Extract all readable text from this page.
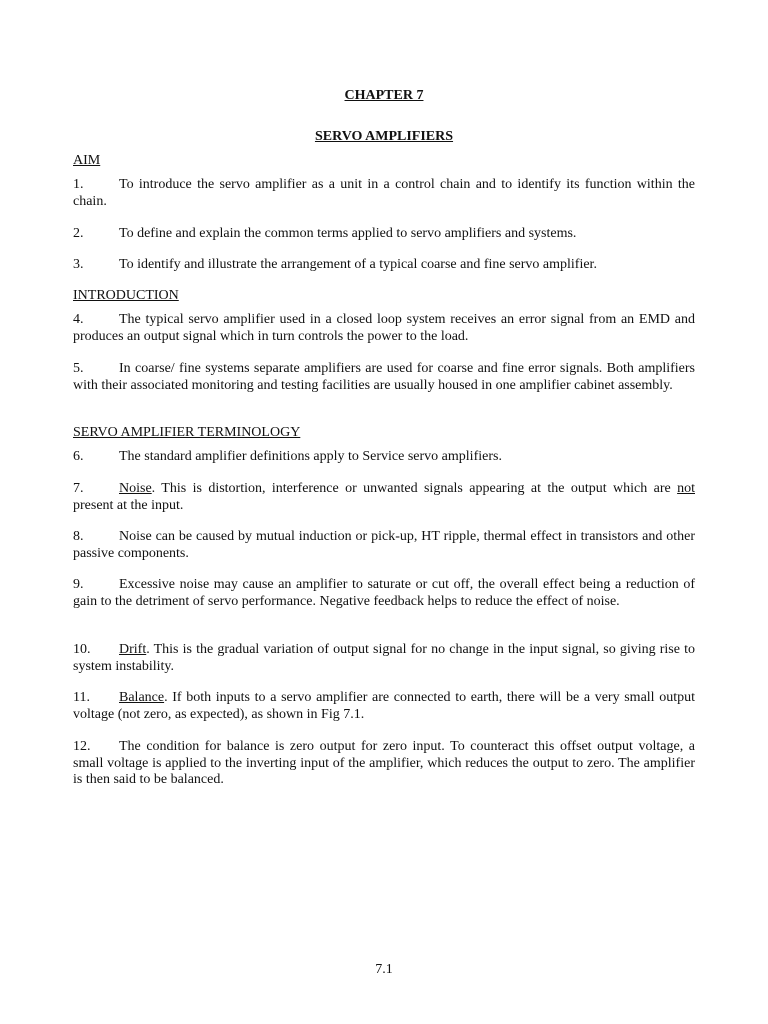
CHAPTER 7
SERVO AMPLIFIERS
AIM
1.	To introduce the servo amplifier as a unit in a control chain and to identify its function within the chain.
2.	To define and explain the common terms applied to servo amplifiers and systems.
3.	To identify and illustrate the arrangement of a typical coarse and fine servo amplifier.
INTRODUCTION
4.	The typical servo amplifier used in a closed loop system receives an error signal from an EMD and produces an output signal which in turn controls the power to the load.
5.	In coarse/ fine systems separate amplifiers are used for coarse and fine error signals. Both amplifiers with their associated monitoring and testing facilities are usually housed in one amplifier cabinet assembly.
SERVO AMPLIFIER TERMINOLOGY
6.	The standard amplifier definitions apply to Service servo amplifiers.
7.	Noise. This is distortion, interference or unwanted signals appearing at the output which are not present at the input.
8.	Noise can be caused by mutual induction or pick-up, HT ripple, thermal effect in transistors and other passive components.
9.	Excessive noise may cause an amplifier to saturate or cut off, the overall effect being a reduction of gain to the detriment of servo performance. Negative feedback helps to reduce the effect of noise.
10. Drift. This is the gradual variation of output signal for no change in the input signal, so giving rise to system instability.
11. Balance. If both inputs to a servo amplifier are connected to earth, there will be a very small output voltage (not zero, as expected), as shown in Fig 7.1.
12. The condition for balance is zero output for zero input. To counteract this offset output voltage, a small voltage is applied to the inverting input of the amplifier, which reduces the output to zero. The amplifier is then said to be balanced.
7.1
